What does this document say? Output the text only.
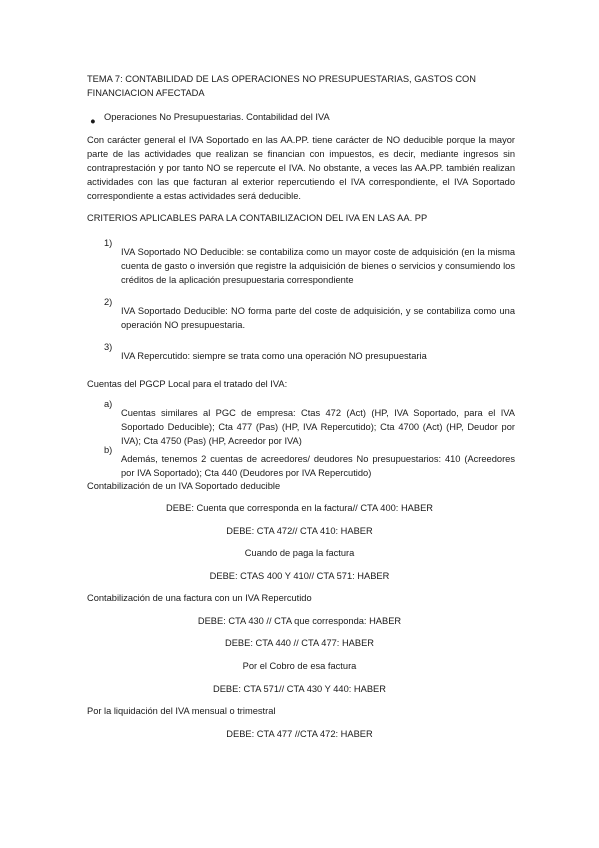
TEMA 7: CONTABILIDAD DE LAS OPERACIONES NO PRESUPUESTARIAS, GASTOS CON FINANCIACION AFECTADA

● Operaciones No Presupuestarias. Contabilidad del IVA

Con carácter general el IVA Soportado en las AA.PP. tiene carácter de NO deducible porque la mayor parte de las actividades que realizan se financian con impuestos, es decir, mediante ingresos sin contraprestación y por tanto NO se repercute el IVA. No obstante, a veces las AA.PP. también realizan actividades con las que facturan al exterior repercutiendo el IVA correspondiente, el IVA Soportado correspondiente a estas actividades será deducible.

CRITERIOS APLICABLES PARA LA CONTABILIZACION DEL IVA EN LAS AA. PP

1)

IVA Soportado NO Deducible: se contabiliza como un mayor coste de adquisición (en la misma cuenta de gasto o inversión que registre la adquisición de bienes o servicios y consumiendo los créditos de la aplicación presupuestaria correspondiente

2)

IVA Soportado Deducible: NO forma parte del coste de adquisición, y se contabiliza como una operación NO presupuestaria.

3)

IVA Repercutido: siempre se trata como una operación NO presupuestaria

Cuentas del PGCP Local para el tratado del IVA:

a)

Cuentas similares al PGC de empresa: Ctas 472 (Act) (HP, IVA Soportado, para el IVA Soportado Deducible); Cta 477 (Pas) (HP, IVA Repercutido); Cta 4700 (Act) (HP, Deudor por IVA); Cta 4750 (Pas) (HP, Acreedor por IVA)

b)

Además, tenemos 2 cuentas de acreedores/ deudores No presupuestarios: 410 (Acreedores por IVA Soportado); Cta 440 (Deudores por IVA Repercutido)

Contabilización de un IVA Soportado deducible

DEBE: Cuenta que corresponda en la factura// CTA 400: HABER

DEBE: CTA 472// CTA 410: HABER

Cuando de paga la factura

DEBE: CTAS 400 Y 410// CTA 571: HABER

Contabilización de una factura con un IVA Repercutido

DEBE: CTA 430 // CTA que corresponda: HABER

DEBE: CTA 440 // CTA 477: HABER

Por el Cobro de esa factura

DEBE: CTA 571// CTA 430 Y 440: HABER

Por la liquidación del IVA mensual o trimestral

DEBE: CTA 477 //CTA 472: HABER
